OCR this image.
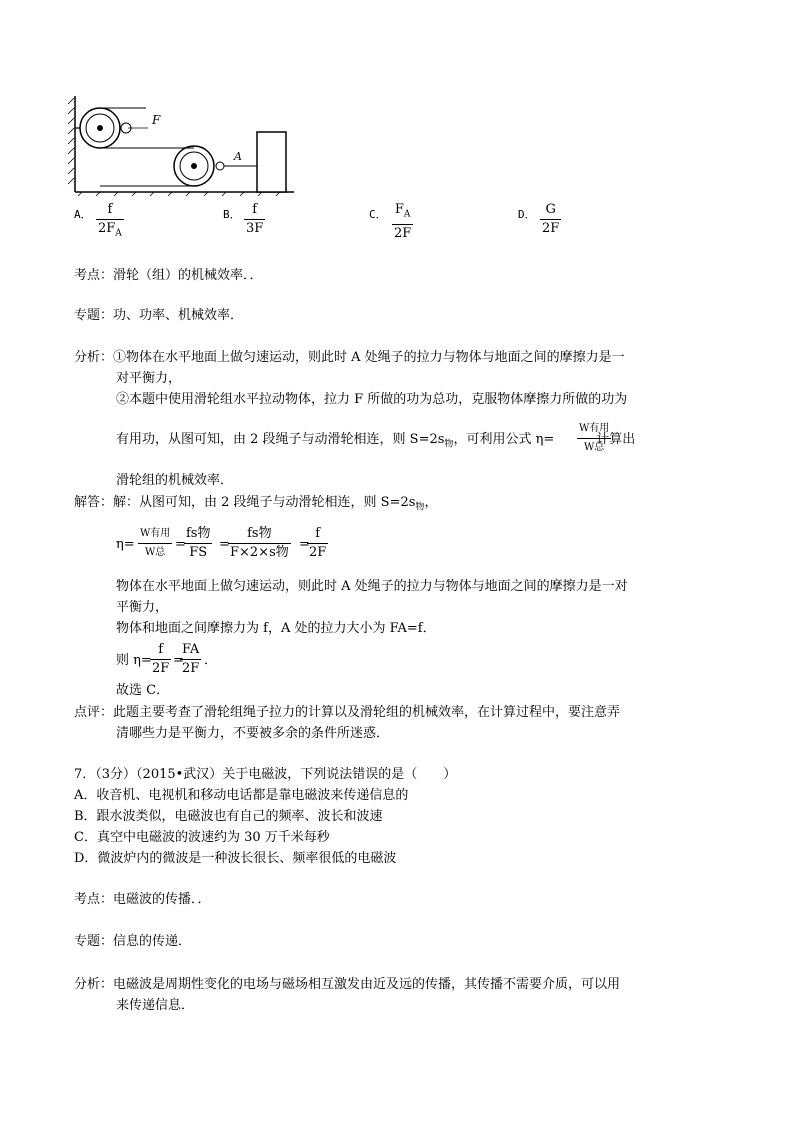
F
A
A． $\frac{f}{2F_A}$	B． $\frac{f}{3F}$	C． $\frac{F_A}{2F}$	D． $\frac{G}{2F}$
考点：滑轮（组）的机械效率．．
专题：功、功率、机械效率．
分析：①物体在水平地面上做匀速运动，则此时 A 处绳子的拉力与物体与地面之间的摩擦力是一
对平衡力，
②本题中使用滑轮组水平拉动物体，拉力 F 所做的功为总功，克服物体摩擦力所做的功为
有用功，从图可知，由 2 段绳子与动滑轮相连，则 $S=2s_物$，可利用公式 η=	计算出
W有用
W总
滑轮组的机械效率．
解答：解：从图可知，由 2 段绳子与动滑轮相连，则 $S=2s_物$，
η=
W有用
W总
=
fs物
FS
=
fs物
F×2×s物
=
$\frac{f}{2F}$
物体在水平地面上做匀速运动，则此时 A 处绳子的拉力与物体与地面之间的摩擦力是一对
平衡力，
物体和地面之间摩擦力为 f，A 处的拉力大小为 FA=f．
则 η=
$\frac{f}{2F}$ =
$\frac{FA}{2F}$ ．
故选 C．
点评：此题主要考查了滑轮组绳子拉力的计算以及滑轮组的机械效率，在计算过程中，要注意弄
清哪些力是平衡力，不要被多余的条件所迷惑．
7．（3分）（2015•武汉）关于电磁波，下列说法错误的是（　　）
A．收音机、电视机和移动电话都是靠电磁波来传递信息的
B．跟水波类似，电磁波也有自己的频率、波长和波速
C．真空中电磁波的波速约为 30 万千米每秒
D．微波炉内的微波是一种波长很长、频率很低的电磁波
考点：电磁波的传播．．
专题：信息的传递．
分析：电磁波是周期性变化的电场与磁场相互激发由近及远的传播，其传播不需要介质，可以用
来传递信息．
